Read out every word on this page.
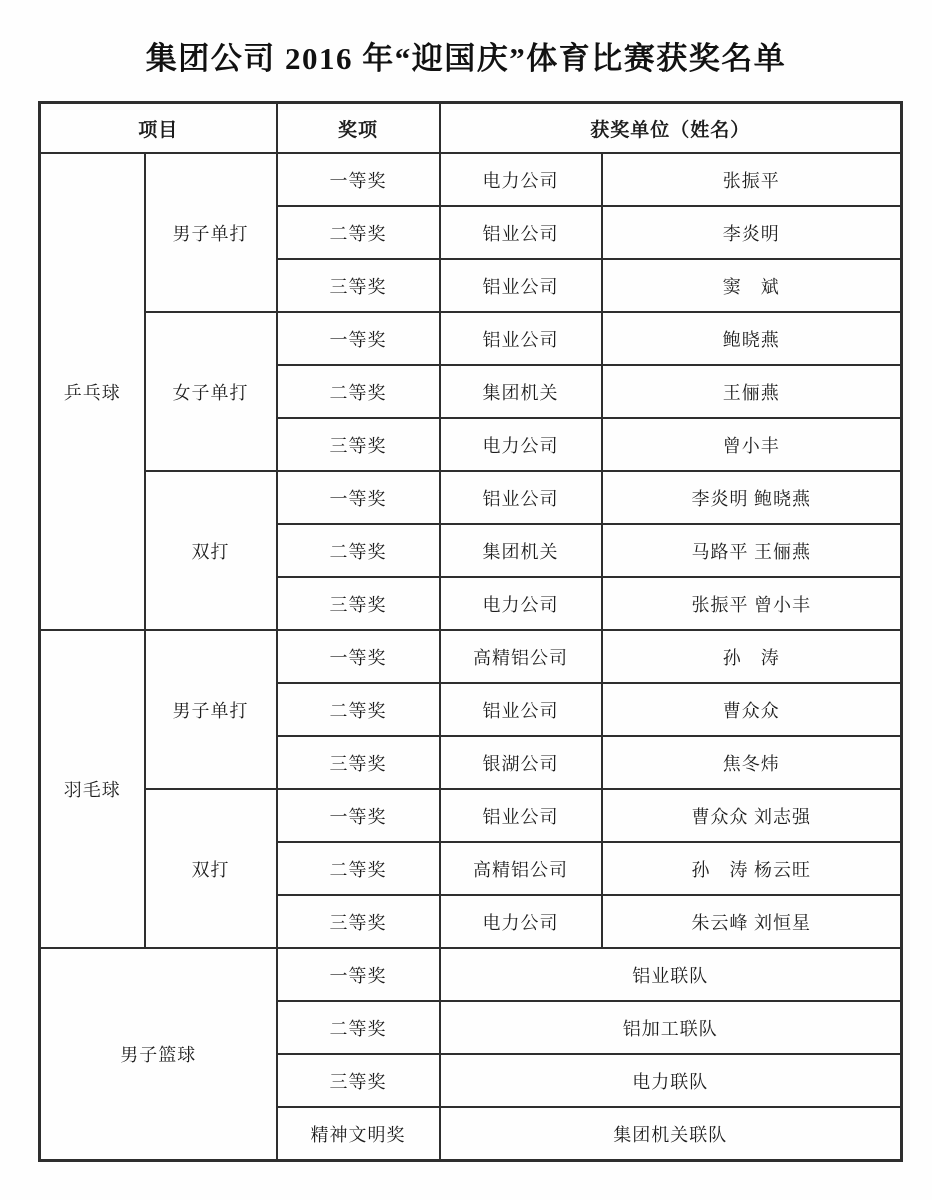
集团公司 2016 年“迎国庆”体育比赛获奖名单
项目		奖项	获奖单位（姓名）	
乒乓球	男子单打	一等奖	电力公司	张振平
		二等奖	铝业公司	李炎明
		三等奖	铝业公司	窦　斌
	女子单打	一等奖	铝业公司	鲍晓燕
		二等奖	集团机关	王俪燕
		三等奖	电力公司	曾小丰
	双打	一等奖	铝业公司	李炎明 鲍晓燕
		二等奖	集团机关	马路平 王俪燕
		三等奖	电力公司	张振平 曾小丰
羽毛球	男子单打	一等奖	高精铝公司	孙　涛
		二等奖	铝业公司	曹众众
		三等奖	银湖公司	焦冬炜
	双打	一等奖	铝业公司	曹众众 刘志强
		二等奖	高精铝公司	孙　涛 杨云旺
		三等奖	电力公司	朱云峰 刘恒星
男子篮球		一等奖	铝业联队	
		二等奖	铝加工联队	
		三等奖	电力联队	
		精神文明奖	集团机关联队	
